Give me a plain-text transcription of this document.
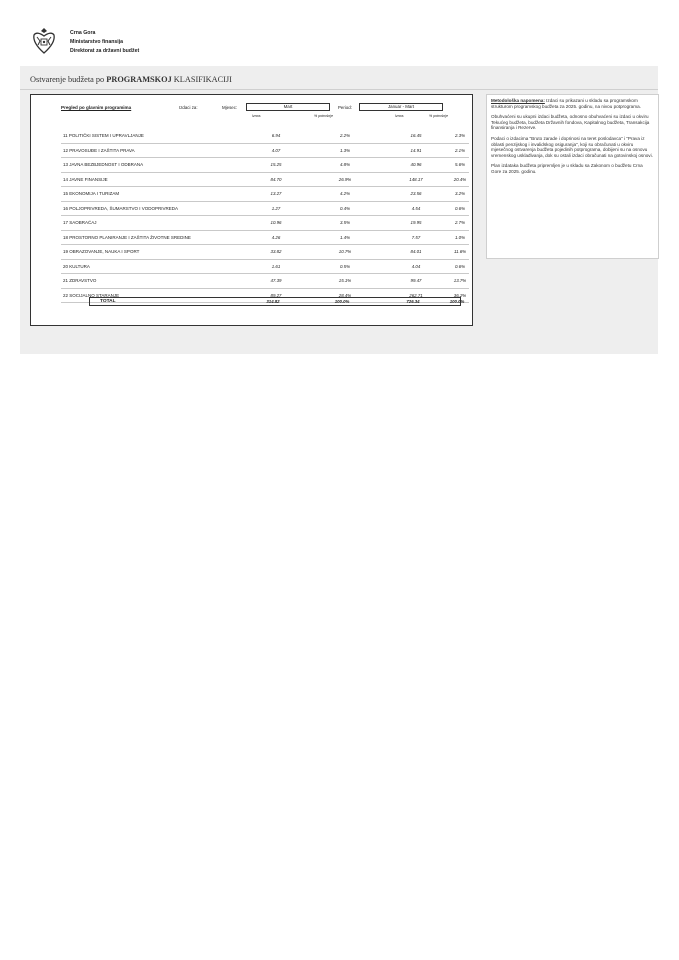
Crna Gora
Ministarstvo finansija
Direktorat za državni budžet
Ostvarenje budžeta po PROGRAMSKOJ KLASIFIKACIJI
Pregled po glavnim programima	Izdaci za:	Mjesec:	Mart	Period:	Januar - Mart
Iznos	% potrošnje	Iznos	% potrošnje
11 POLITIČKI SISTEM I UPRAVLJANJE	6.94	2.2%	16.45	2.3%
12 PRAVOSUĐE I ZAŠTITA PRAVA	4.07	1.3%	14.91	2.1%
13 JAVNA BEZBJEDNOST I ODBRANA	15.25	4.8%	40.96	5.6%
14 JAVNE FINANSIJE	84.70	26.9%	148.17	20.4%
15 EKONOMIJA I TURIZAM	13.27	4.2%	23.56	3.2%
16 POLJOPRIVREDA, ŠUMARSTVO I VODOPRIVREDA	1.27	0.4%	4.54	0.6%
17 SAOBRAĆAJ	10.96	3.5%	19.95	2.7%
18 PROSTORNO PLANIRANJE I ZAŠTITA ŽIVOTNE SREDINE	4.26	1.4%	7.57	1.0%
19 OBRAZOVANJE, NAUKA I SPORT	33.82	10.7%	84.01	11.6%
20 KULTURA	1.61	0.5%	4.04	0.6%
21 ZDRAVSTVO	47.39	15.1%	99.47	13.7%
22 SOCIJALNO STARANJE	89.27	28.4%	262.71	36.2%
TOTAL	314.82	100.0%	726.34	100.0%

Metodološka napomena: Izdaci su prikazani u skladu sa programskom strukturom programskog budžeta za 2025. godinu, na nivou potprograma.

Obuhvaćeni su ukupni izdaci budžeta, odnosno obuhvaćeni su izdaci u okviru Tekućeg budžeta, budžeta Državnih fondova, Kapitalnog budžeta, Transakcija finansiranja i Rezerve.

Podaci o izdacima "Bruto zarade i doprinosi na teret poslodavca" i "Prava iz oblasti penzijskog i invalidskog osiguranja", koji su obračunati u okviru mjesečnog ostvarenja budžeta pojedinih potprograma, dobijeni su na osnovu vremenskog usklađivanja, dok su ostali izdaci obračunati na gotovinskoj osnovi.

Plan izdataka budžeta pripremljen je u skladu sa Zakonom o budžetu Crna Gore za 2025. godinu.
